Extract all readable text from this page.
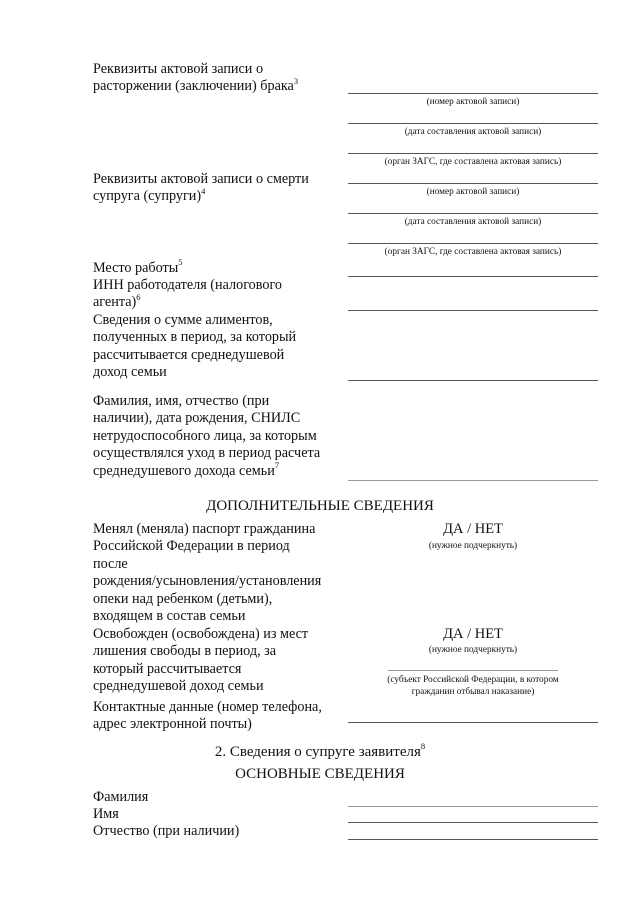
Реквизиты актовой записи о
расторжении (заключении) брака$^3$
(номер актовой записи)
(дата составления актовой записи)
(орган ЗАГС, где составлена актовая запись)
Реквизиты актовой записи о смерти
супруга (супруги)$^4$	(номер актовой записи)
(дата составления актовой записи)
(орган ЗАГС, где составлена актовая запись)
Место работы$^5$
ИНН работодателя (налогового
агента)$^6$
Сведения о сумме алиментов,
полученных в период, за который
рассчитывается среднедушевой
доход семьи
Фамилия, имя, отчество (при
наличии), дата рождения, СНИЛС
нетрудоспособного лица, за которым
осуществлялся уход в период расчета
среднедушевого дохода семьи$^7$
ДОПОЛНИТЕЛЬНЫЕ СВЕДЕНИЯ
Менял (меняла) паспорт гражданина
Российской Федерации в период
после
рождения/усыновления/установления
опеки над ребенком (детьми),
входящем в состав семьи
ДА / НЕТ
(нужное подчеркнуть)
Освобожден (освобождена) из мест
лишения свободы в период, за
который рассчитывается
среднедушевой доход семьи
ДА / НЕТ
(нужное подчеркнуть)
(субъект Российской Федерации, в котором
гражданин отбывал наказание)
Контактные данные (номер телефона,
адрес электронной почты)
2. Сведения о супруге заявителя$^8$
ОСНОВНЫЕ СВЕДЕНИЯ
Фамилия
Имя
Отчество (при наличии)
